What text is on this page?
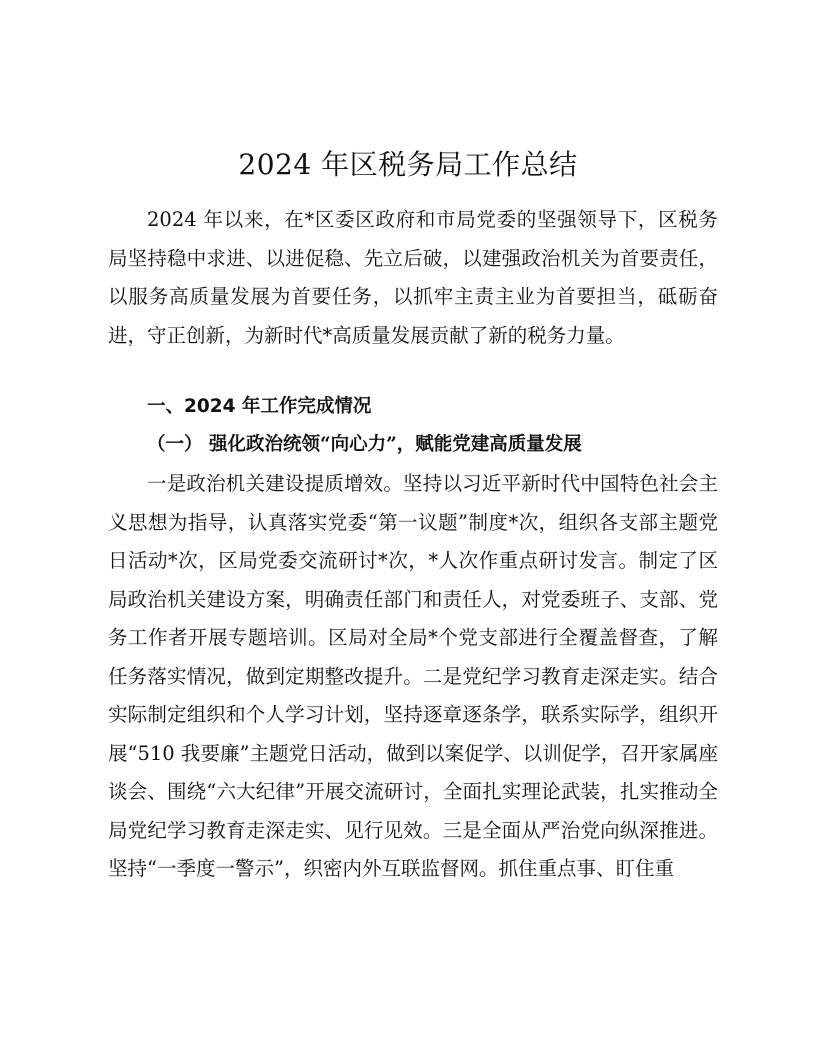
2024 年区税务局工作总结

2024 年以来，在*区委区政府和市局党委的坚强领导下，区税务局坚持稳中求进、以进促稳、先立后破，以建强政治机关为首要责任，以服务高质量发展为首要任务，以抓牢主责主业为首要担当，砥砺奋进，守正创新，为新时代*高质量发展贡献了新的税务力量。

一、2024 年工作完成情况

（一） 强化政治统领“向心力”，赋能党建高质量发展

一是政治机关建设提质增效。坚持以习近平新时代中国特色社会主义思想为指导，认真落实党委“第一议题”制度*次，组织各支部主题党日活动*次，区局党委交流研讨*次，*人次作重点研讨发言。制定了区局政治机关建设方案，明确责任部门和责任人，对党委班子、支部、党务工作者开展专题培训。区局对全局*个党支部进行全覆盖督查，了解任务落实情况，做到定期整改提升。二是党纪学习教育走深走实。结合实际制定组织和个人学习计划，坚持逐章逐条学，联系实际学，组织开展“510 我要廉”主题党日活动，做到以案促学、以训促学，召开家属座谈会、围绕“六大纪律”开展交流研讨，全面扎实理论武装，扎实推动全局党纪学习教育走深走实、见行见效。三是全面从严治党向纵深推进。坚持“一季度一警示”，织密内外互联监督网。抓住重点事、盯住重
